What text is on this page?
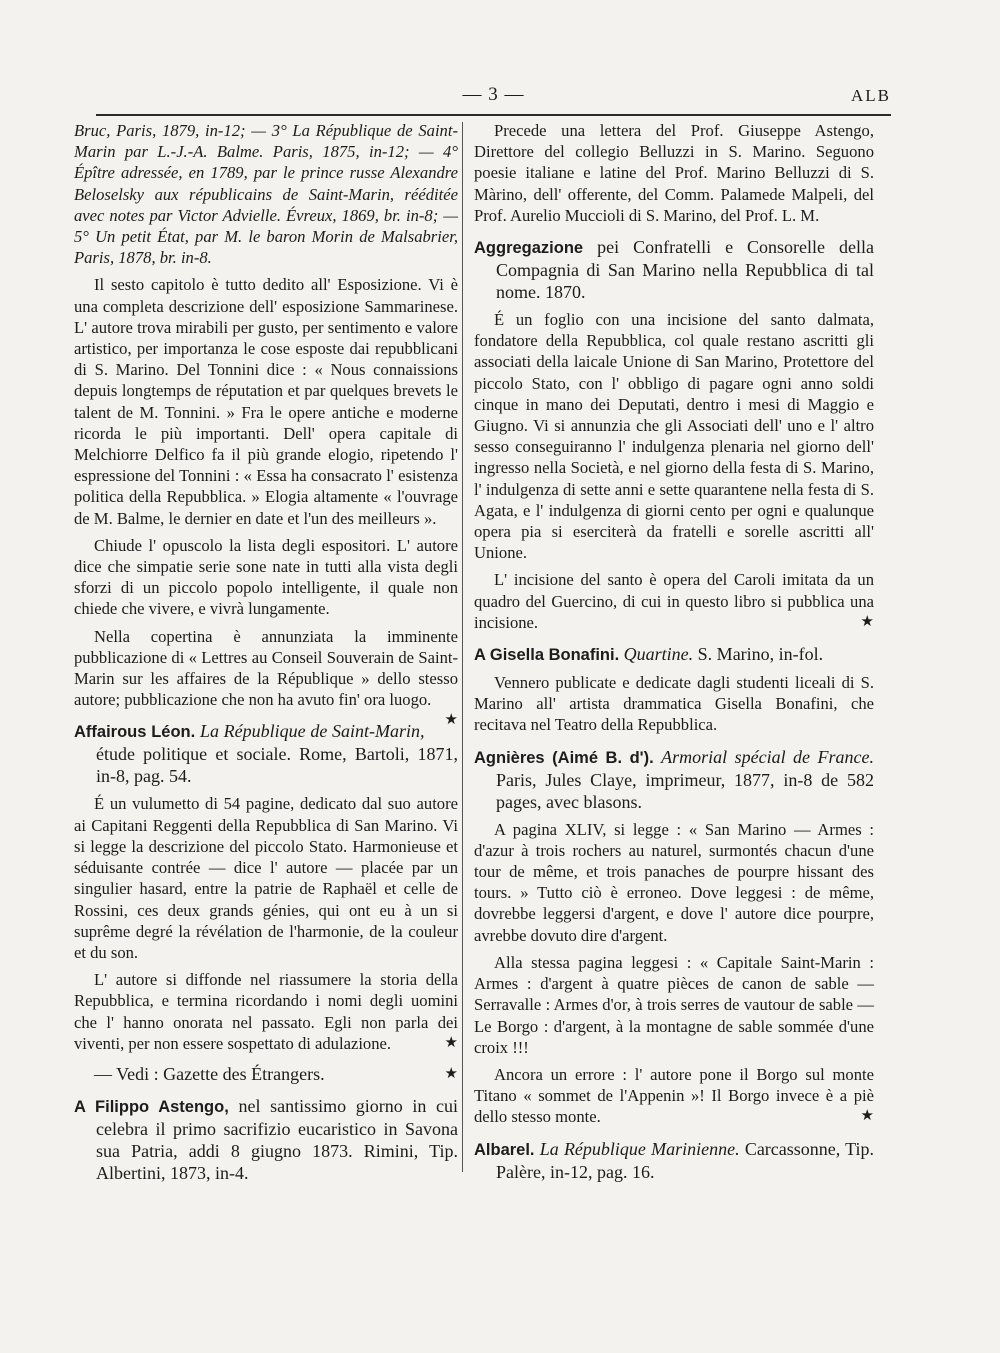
— 3 —	ALB

Bruc, Paris, 1879, in-12; — 3° La République de Saint-Marin par L.-J.-A. Balme. Paris, 1875, in-12; — 4° Épître adressée, en 1789, par le prince russe Alexandre Beloselsky aux républicains de Saint-Marin, rééditée avec notes par Victor Advielle. Évreux, 1869, br. in-8; — 5° Un petit État, par M. le baron Morin de Malsabrier, Paris, 1878, br. in-8.

Il sesto capitolo è tutto dedito all' Esposizione. Vi è una completa descrizione dell' esposizione Sammarinese. L' autore trova mirabili per gusto, per sentimento e valore artistico, per importanza le cose esposte dai repubblicani di S. Marino. Del Tonnini dice : « Nous connaissions depuis longtemps de réputation et par quelques brevets le talent de M. Tonnini. » Fra le opere antiche e moderne ricorda le più importanti. Dell' opera capitale di Melchiorre Delfico fa il più grande elogio, ripetendo l' espressione del Tonnini : « Essa ha consacrato l' esistenza politica della Repubblica. » Elogia altamente « l'ouvrage de M. Balme, le dernier en date et l'un des meilleurs ».

Chiude l' opuscolo la lista degli espositori. L' autore dice che simpatie serie sone nate in tutti alla vista degli sforzi di un piccolo popolo intelligente, il quale non chiede che vivere, e vivrà lungamente.

Nella copertina è annunziata la imminente pubblicazione di « Lettres au Conseil Souverain de Saint-Marin sur les affaires de la République » dello stesso autore; pubblicazione che non ha avuto fin' ora luogo.
★

Affairous Léon. La République de Saint-Marin, étude politique et sociale. Rome, Bartoli, 1871, in-8, pag. 54.

É un vulumetto di 54 pagine, dedicato dal suo autore ai Capitani Reggenti della Repubblica di San Marino. Vi si legge la descrizione del piccolo Stato. Harmonieuse et séduisante contrée — dice l' autore — placée par un singulier hasard, entre la patrie de Raphaël et celle de Rossini, ces deux grands génies, qui ont eu à un si suprême degré la révélation de l'harmonie, de la couleur et du son.

L' autore si diffonde nel riassumere la storia della Repubblica, e termina ricordando i nomi degli uomini che l' hanno onorata nel passato. Egli non parla dei viventi, per non essere sospettato di adulazione.	★

— Vedi : Gazette des Étrangers.	★

A Filippo Astengo, nel santissimo giorno in cui celebra il primo sacrifizio eucaristico in Savona sua Patria, addi 8 giugno 1873. Rimini, Tip. Albertini, 1873, in-4.

Precede una lettera del Prof. Giuseppe Astengo, Direttore del collegio Belluzzi in S. Marino. Seguono poesie italiane e latine del Prof. Marino Belluzzi di S. Màrino, dell' offerente, del Comm. Palamede Malpeli, del Prof. Aurelio Muccioli di S. Marino, del Prof. L. M.

Aggregazione pei Confratelli e Consorelle della Compagnia di San Marino nella Repubblica di tal nome. 1870.

É un foglio con una incisione del santo dalmata, fondatore della Repubblica, col quale restano ascritti gli associati della laicale Unione di San Marino, Protettore del piccolo Stato, con l' obbligo di pagare ogni anno soldi cinque in mano dei Deputati, dentro i mesi di Maggio e Giugno. Vi si annunzia che gli Associati dell' uno e l' altro sesso conseguiranno l' indulgenza plenaria nel giorno dell' ingresso nella Società, e nel giorno della festa di S. Marino, l' indulgenza di sette anni e sette quarantene nella festa di S. Agata, e l' indulgenza di giorni cento per ogni e qualunque opera pia si eserciterà da fratelli e sorelle ascritti all' Unione.

L' incisione del santo è opera del Caroli imitata da un quadro del Guercino, di cui in questo libro si pubblica una incisione.	★

A Gisella Bonafini. Quartine. S. Marino, in-fol.

Vennero publicate e dedicate dagli studenti liceali di S. Marino all' artista drammatica Gisella Bonafini, che recitava nel Teatro della Repubblica.

Agnières (Aimé B. d'). Armorial spécial de France. Paris, Jules Claye, imprimeur, 1877, in-8 de 582 pages, avec blasons.

A pagina XLIV, si legge : « San Marino — Armes : d'azur à trois rochers au naturel, surmontés chacun d'une tour de même, et trois panaches de pourpre hissant des tours. » Tutto ciò è erroneo. Dove leggesi : de même, dovrebbe leggersi d'argent, e dove l' autore dice pourpre, avrebbe dovuto dire d'argent.

Alla stessa pagina leggesi : « Capitale Saint-Marin : Armes : d'argent à quatre pièces de canon de sable — Serravalle : Armes d'or, à trois serres de vautour de sable — Le Borgo : d'argent, à la montagne de sable sommée d'une croix !!!

Ancora un errore : l' autore pone il Borgo sul monte Titano « sommet de l'Appenin »! Il Borgo invece è a piè dello stesso monte.	★

Albarel. La République Marinienne. Carcassonne, Tip. Palère, in-12, pag. 16.
